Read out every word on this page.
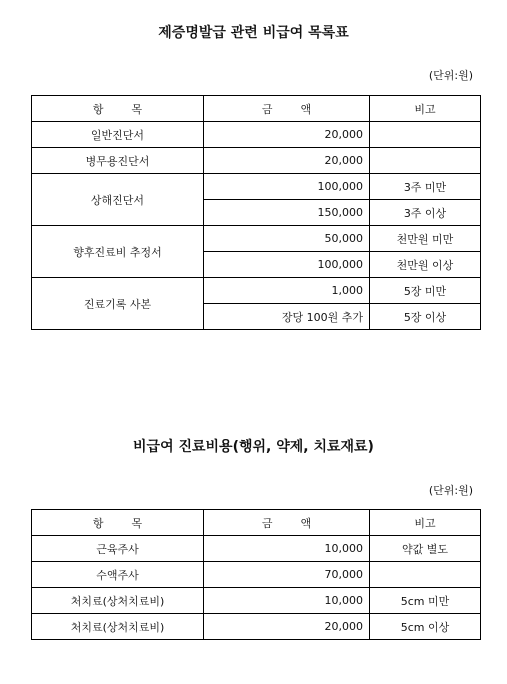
제증명발급 관련 비급여 목록표
(단위:원)
항        목	금        액	비고
일반진단서	20,000	
병무용진단서	20,000	
상해진단서	100,000	3주 미만
	150,000	3주 이상
향후진료비 추정서	50,000	천만원 미만
	100,000	천만원 이상
진료기록 사본	1,000	5장 미만
	장당 100원 추가	5장 이상
비급여 진료비용(행위, 약제, 치료재료)
(단위:원)
항        목	금        액	비고
근육주사	10,000	약값 별도
수액주사	70,000	
처치료(상처치료비)	10,000	5cm 미만
처치료(상처치료비)	20,000	5cm 이상
